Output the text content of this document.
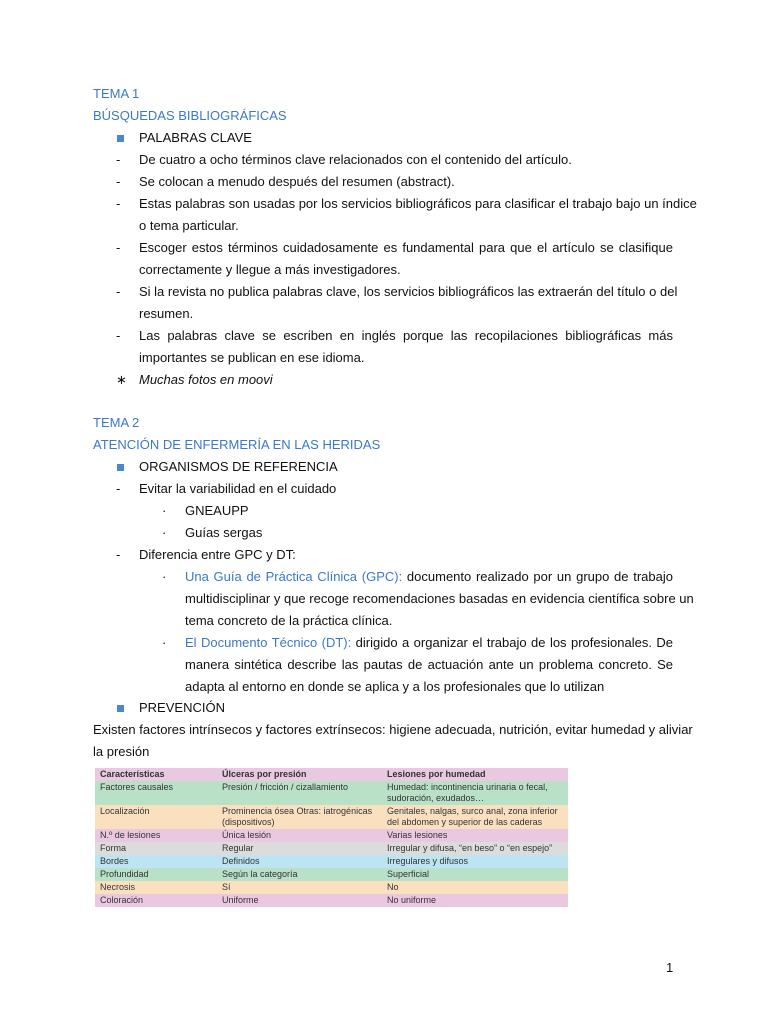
TEMA 1
BÚSQUEDAS BIBLIOGRÁFICAS
PALABRAS CLAVE
- De cuatro a ocho términos clave relacionados con el contenido del artículo.
- Se colocan a menudo después del resumen (abstract).
- Estas palabras son usadas por los servicios bibliográficos para clasificar el trabajo bajo un índice
o tema particular.
- Escoger estos términos cuidadosamente es fundamental para que el artículo se clasifique
correctamente y llegue a más investigadores.
- Si la revista no publica palabras clave, los servicios bibliográficos las extraerán del título o del
resumen.
- Las palabras clave se escriben en inglés porque las recopilaciones bibliográficas más
importantes se publican en ese idioma.
∗ Muchas fotos en moovi
TEMA 2
ATENCIÓN DE ENFERMERÍA EN LAS HERIDAS
ORGANISMOS DE REFERENCIA
- Evitar la variabilidad en el cuidado
· GNEAUPP
· Guías sergas
- Diferencia entre GPC y DT:
· Una Guía de Práctica Clínica (GPC): documento realizado por un grupo de trabajo
multidisciplinar y que recoge recomendaciones basadas en evidencia científica sobre un
tema concreto de la práctica clínica.
· El Documento Técnico (DT): dirigido a organizar el trabajo de los profesionales. De
manera sintética describe las pautas de actuación ante un problema concreto. Se
adapta al entorno en donde se aplica y a los profesionales que lo utilizan
PREVENCIÓN
Existen factores intrínsecos y factores extrínsecos: higiene adecuada, nutrición, evitar humedad y aliviar
la presión
Características	Úlceras por presión	Lesiones por humedad
Factores causales	Presión / fricción / cizallamiento	Humedad: incontinencia urinaria o fecal, sudoración, exudados…
Localización	Prominencia ósea Otras: iatrogénicas (dispositivos)	Genitales, nalgas, surco anal, zona inferior del abdomen y superior de las caderas
N.º de lesiones	Única lesión	Varias lesiones
Forma	Regular	Irregular y difusa, “en beso” o “en espejo”
Bordes	Definidos	Irregulares y difusos
Profundidad	Según la categoría	Superficial
Necrosis	Sí	No
Coloración	Uniforme	No uniforme
1
